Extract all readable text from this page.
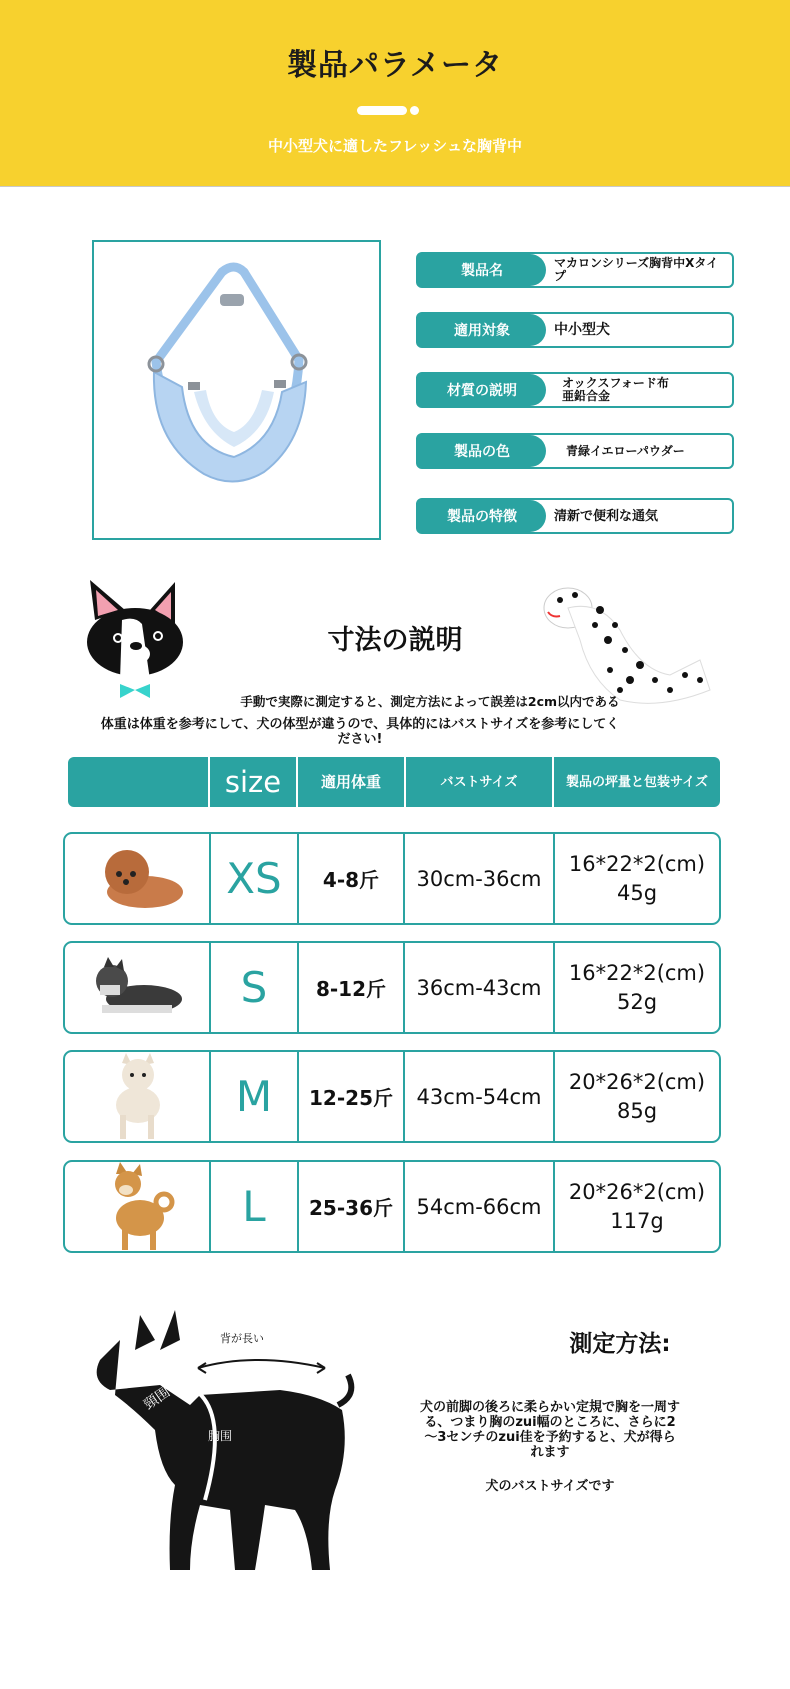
製品パラメータ
中小型犬に適したフレッシュな胸背中
製品名	マカロンシリーズ胸背中Xタイプ
適用対象	中小型犬
材質の説明	オックスフォード布
亜鉛合金
製品の色	青緑イエローパウダー
製品の特徴	清新で便利な通気
寸法の説明
手動で実際に測定すると、測定方法によって誤差は2cm以内である
体重は体重を参考にして、犬の体型が違うので、具体的にはバストサイズを参考にしてください!
size	適用体重	バストサイズ	製品の坪量と包装サイズ
XS	4-8斤	30cm-36cm
16*22*2(cm)
45g
S	8-12斤	36cm-43cm
16*22*2(cm)
52g
M	12-25斤	43cm-54cm
20*26*2(cm)
85g
L	25-36斤	54cm-66cm
20*26*2(cm)
117g
頸围
背が長い
胸围
測定方法:
犬の前脚の後ろに柔らかい定規で胸を一周する、つまり胸のzui幅のところに、さらに2～3センチのzui佳を予約すると、犬が得られます
犬のバストサイズです
